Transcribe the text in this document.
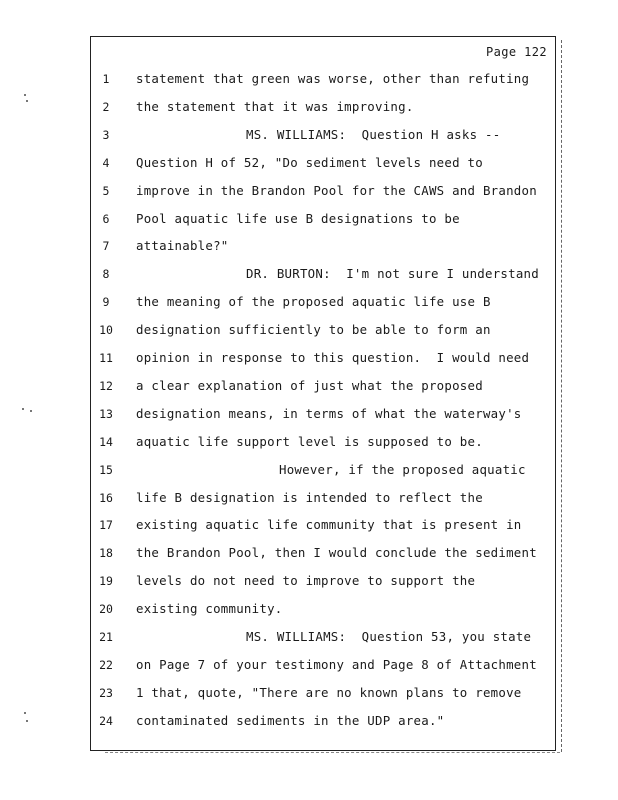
Page 122
1	statement that green was worse, other than refuting
2	the statement that it was improving.
3	MS. WILLIAMS:  Question H asks --
4	Question H of 52, "Do sediment levels need to
5	improve in the Brandon Pool for the CAWS and Brandon
6	Pool aquatic life use B designations to be
7	attainable?"
8	DR. BURTON:  I'm not sure I understand
9	the meaning of the proposed aquatic life use B
10	designation sufficiently to be able to form an
11	opinion in response to this question.  I would need
12	a clear explanation of just what the proposed
13	designation means, in terms of what the waterway's
14	aquatic life support level is supposed to be.
15	However, if the proposed aquatic
16	life B designation is intended to reflect the
17	existing aquatic life community that is present in
18	the Brandon Pool, then I would conclude the sediment
19	levels do not need to improve to support the
20	existing community.
21	MS. WILLIAMS:  Question 53, you state
22	on Page 7 of your testimony and Page 8 of Attachment
23	1 that, quote, "There are no known plans to remove
24	contaminated sediments in the UDP area."
